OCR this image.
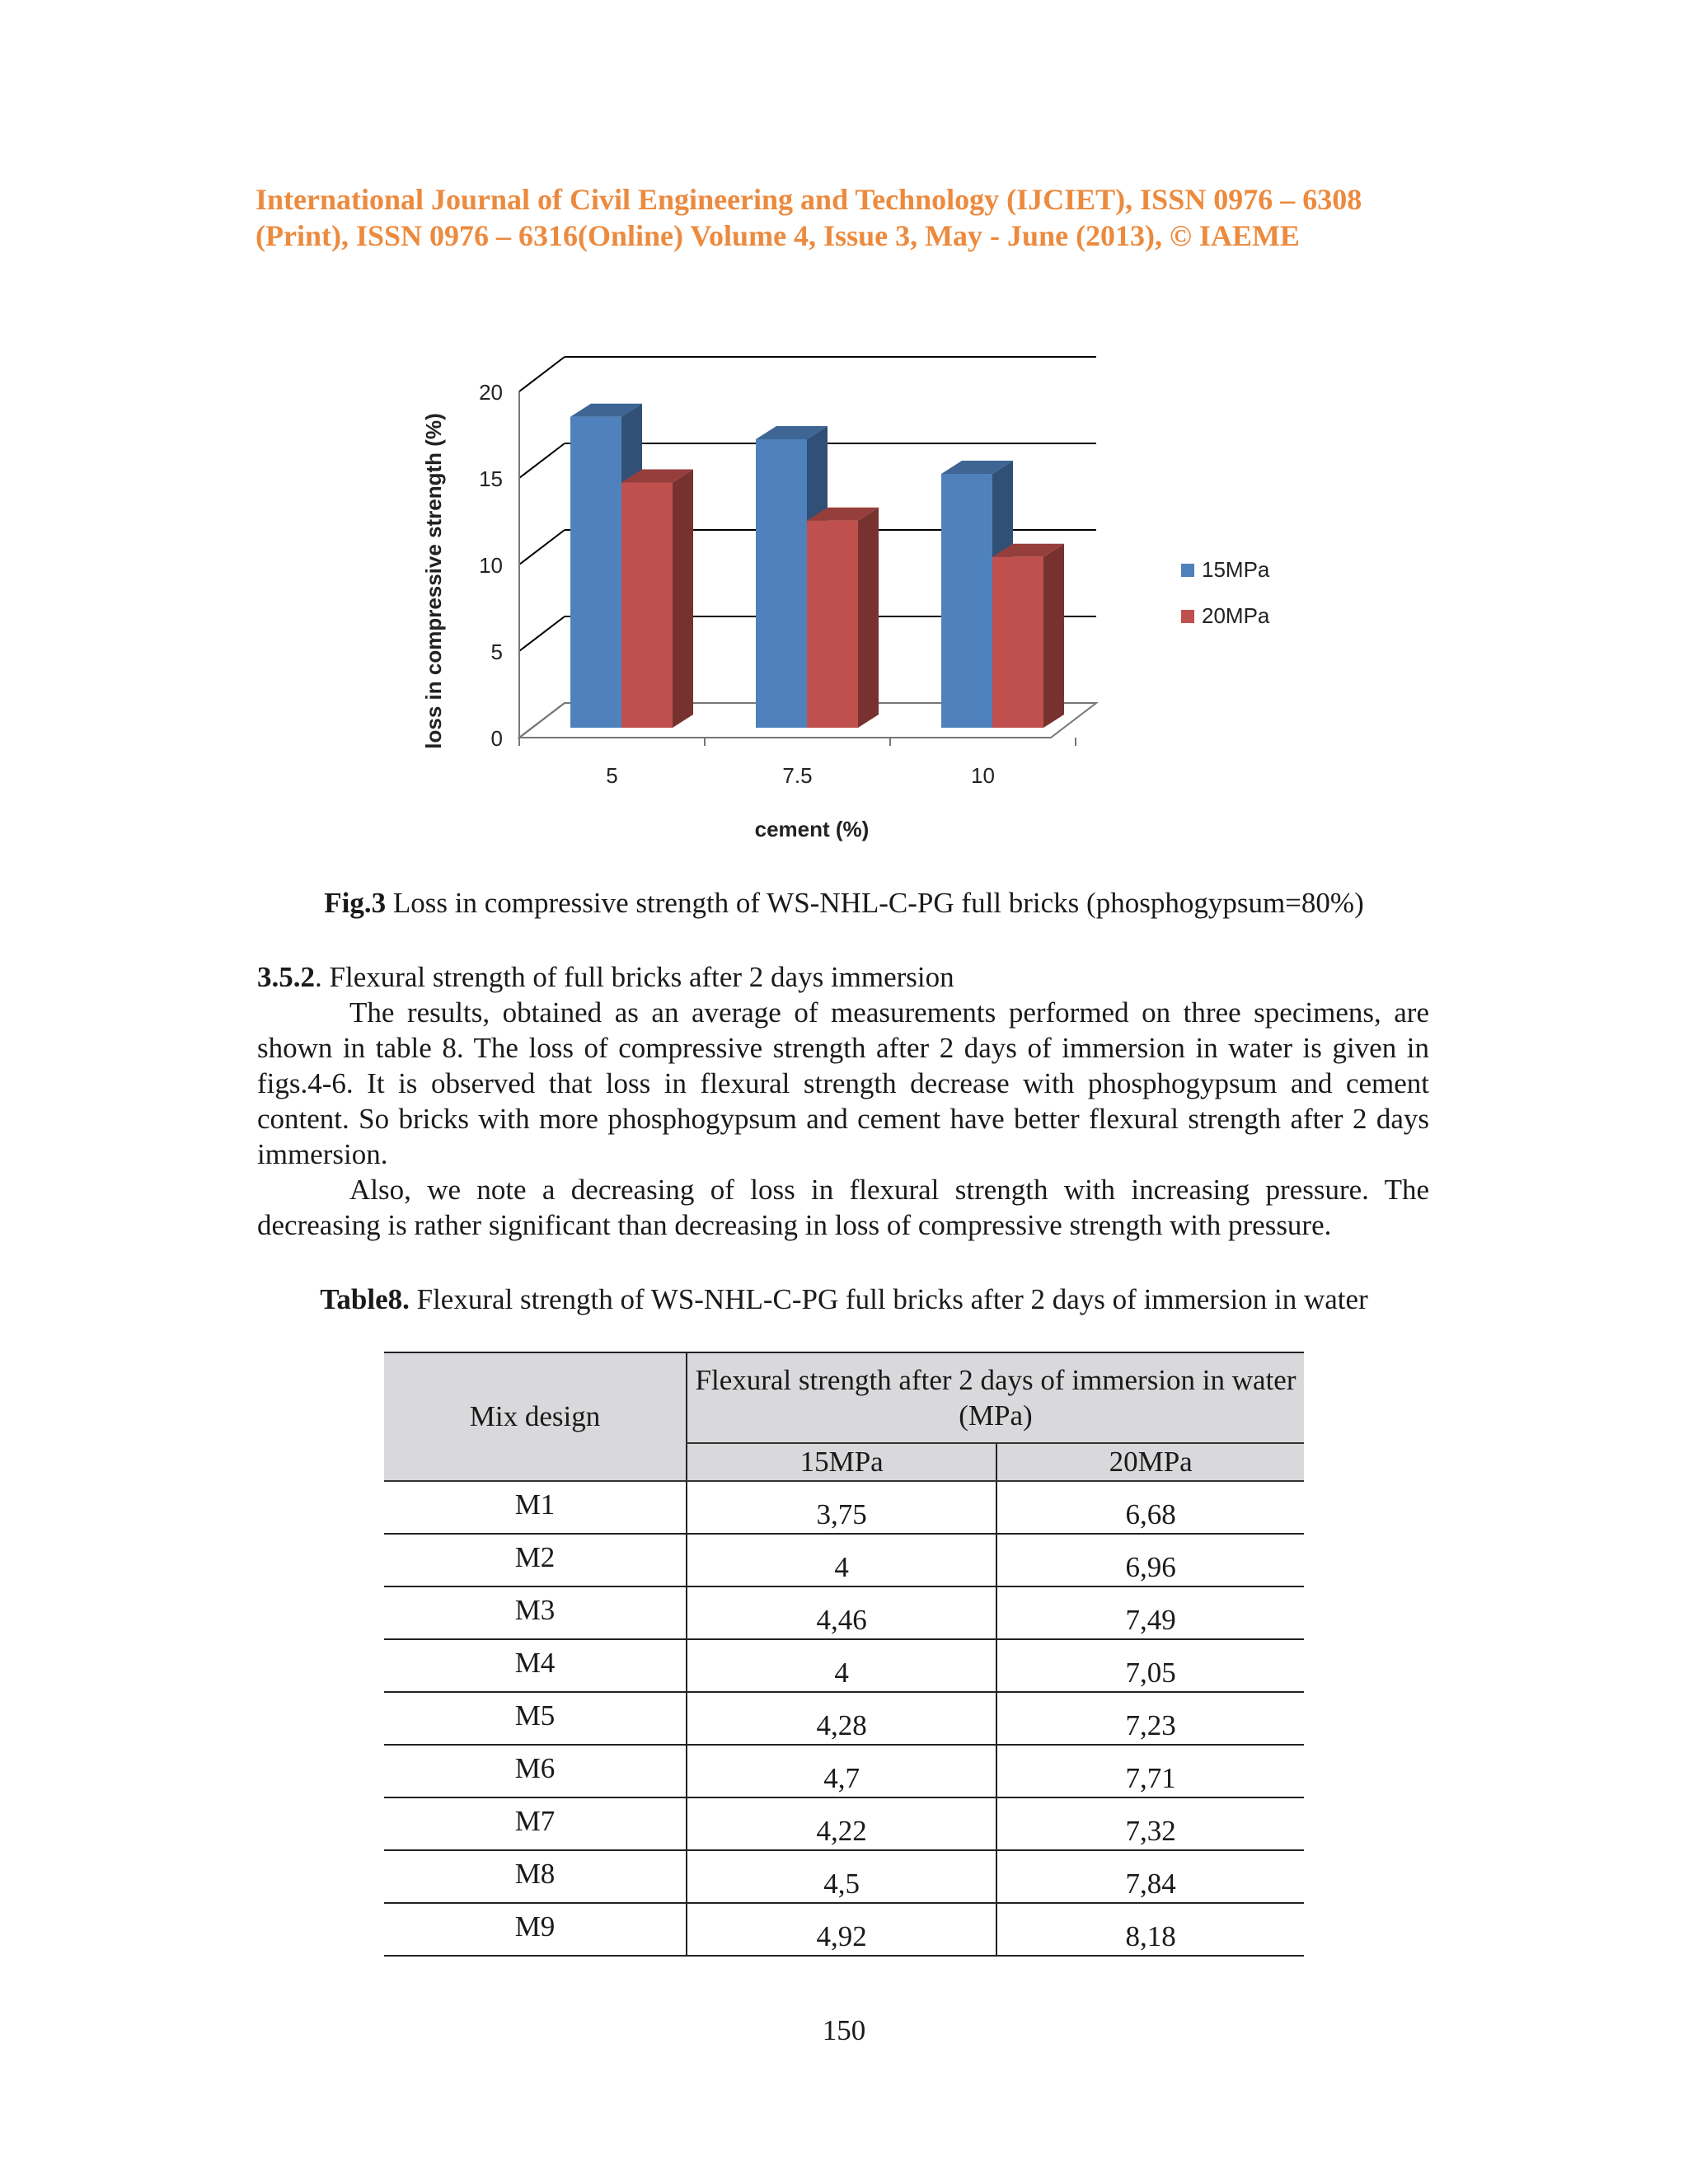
International Journal of Civil Engineering and Technology (IJCIET), ISSN 0976 – 6308
(Print), ISSN 0976 – 6316(Online) Volume 4, Issue 3, May - June (2013), © IAEME
0
5
10
15
20
5	7.5	10
15MPa
20MPa
cement (%)
loss in compressive strength (%)
Fig.3 Loss in compressive strength of WS-NHL-C-PG full bricks (phosphogypsum=80%)
3.5.2. Flexural strength of full bricks after 2 days immersion

The results, obtained as an average of measurements performed on three specimens, are shown in table 8. The loss of compressive strength after 2 days of immersion in water is given in figs.4-6. It is observed that loss in flexural strength decrease with phosphogypsum and cement content. So bricks with more phosphogypsum and cement have better flexural strength after 2 days immersion.

Also, we note a decreasing of loss in flexural strength with increasing pressure. The decreasing is rather significant than decreasing in loss of compressive strength with pressure.

Table8. Flexural strength of WS-NHL-C-PG full bricks after 2 days of immersion in water
Mix design	Flexural strength after 2 days of immersion in water (MPa)	
	15MPa	20MPa
M1	3,75	6,68
M2	4	6,96
M3	4,46	7,49
M4	4	7,05
M5	4,28	7,23
M6	4,7	7,71
M7	4,22	7,32
M8	4,5	7,84
M9	4,92	8,18
150
